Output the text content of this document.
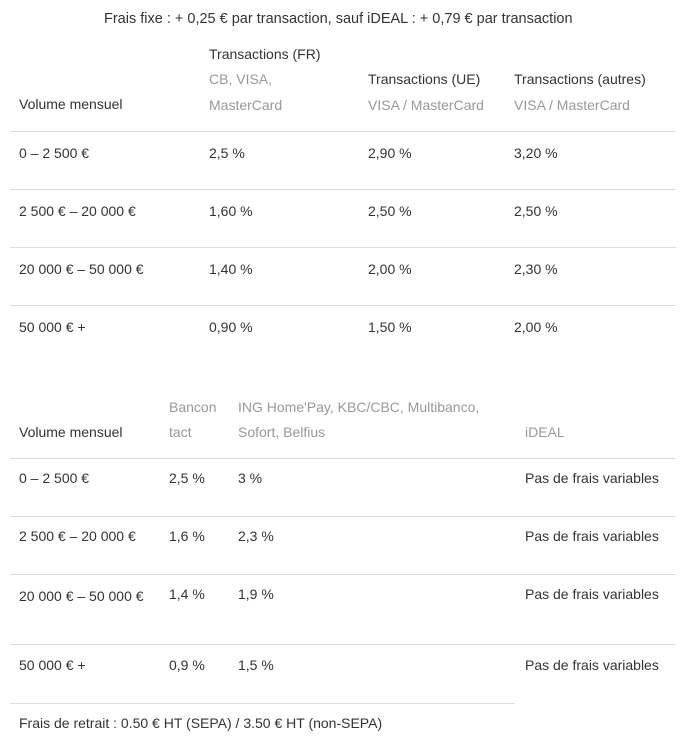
Frais fixe : + 0,25 € par transaction, sauf iDEAL : + 0,79 € par transaction
Volume mensuel
Transactions (FR)
CB, VISA,
MasterCard
Transactions (UE)
VISA / MasterCard
Transactions (autres)
VISA / MasterCard
0 – 2 500 €	2,5 %	2,90 %	3,20 %
2 500 € – 20 000 €	1,60 %	2,50 %	2,50 %
20 000 € – 50 000 €	1,40 %	2,00 %	2,30 %
50 000 € +	0,90 %	1,50 %	2,00 %
Volume mensuel
Bancon
tact
ING Home'Pay, KBC/CBC, Multibanco,
Sofort, Belfius	iDEAL
0 – 2 500 €	2,5 % 3 %	Pas de frais variables
2 500 € – 20 000 € 1,6 % 2,3 %	Pas de frais variables
20 000 € – 50 000 €	1,4 % 1,9 %	Pas de frais variables
50 000 € +	0,9 % 1,5 %	Pas de frais variables
Frais de retrait : 0.50 € HT (SEPA) / 3.50 € HT (non-SEPA)
